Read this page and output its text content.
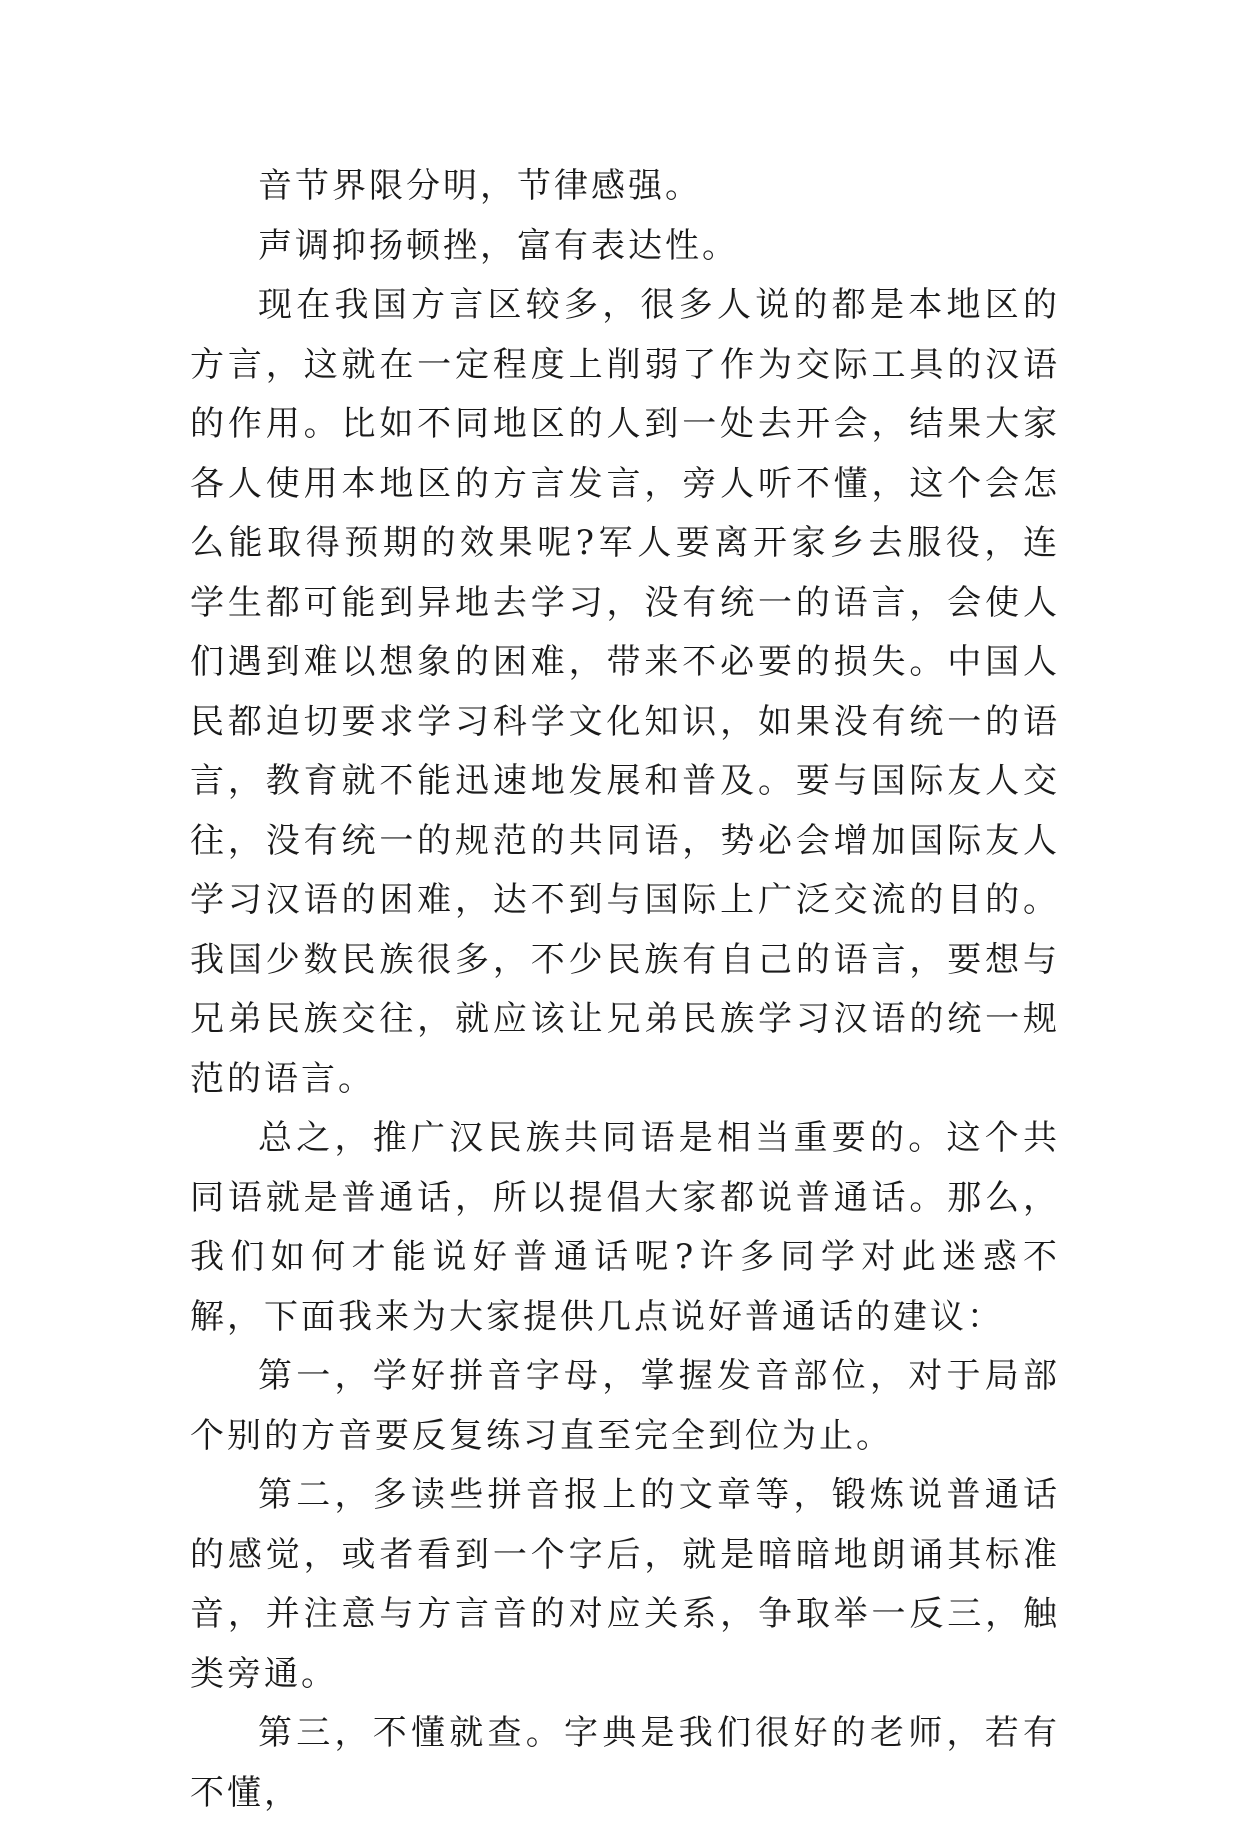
音节界限分明，节律感强。

声调抑扬顿挫，富有表达性。

现在我国方言区较多，很多人说的都是本地区的方言，这就在一定程度上削弱了作为交际工具的汉语的作用。比如不同地区的人到一处去开会，结果大家各人使用本地区的方言发言，旁人听不懂，这个会怎么能取得预期的效果呢?军人要离开家乡去服役，连学生都可能到异地去学习，没有统一的语言，会使人们遇到难以想象的困难，带来不必要的损失。中国人民都迫切要求学习科学文化知识，如果没有统一的语言，教育就不能迅速地发展和普及。要与国际友人交往，没有统一的规范的共同语，势必会增加国际友人学习汉语的困难，达不到与国际上广泛交流的目的。我国少数民族很多，不少民族有自己的语言，要想与兄弟民族交往，就应该让兄弟民族学习汉语的统一规范的语言。

总之，推广汉民族共同语是相当重要的。这个共同语就是普通话，所以提倡大家都说普通话。那么，我们如何才能说好普通话呢?许多同学对此迷惑不解，下面我来为大家提供几点说好普通话的建议：

第一，学好拼音字母，掌握发音部位，对于局部个别的方音要反复练习直至完全到位为止。

第二，多读些拼音报上的文章等，锻炼说普通话的感觉，或者看到一个字后，就是暗暗地朗诵其标准音，并注意与方言音的对应关系，争取举一反三，触类旁通。

第三，不懂就查。字典是我们很好的老师，若有不懂，
